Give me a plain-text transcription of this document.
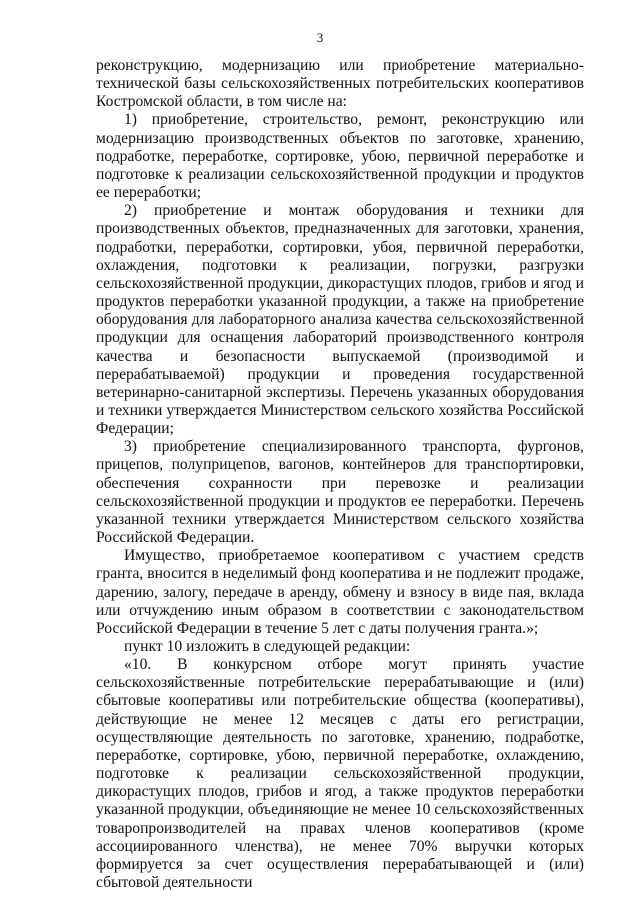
3

реконструкцию, модернизацию или приобретение материально-технической базы сельскохозяйственных потребительских кооперативов Костромской области, в том числе на:

1) приобретение, строительство, ремонт, реконструкцию или модернизацию производственных объектов по заготовке, хранению, подработке, переработке, сортировке, убою, первичной переработке и подготовке к реализации сельскохозяйственной продукции и продуктов ее переработки;

2) приобретение и монтаж оборудования и техники для производственных объектов, предназначенных для заготовки, хранения, подработки, переработки, сортировки, убоя, первичной переработки, охлаждения, подготовки к реализации, погрузки, разгрузки сельскохозяйственной продукции, дикорастущих плодов, грибов и ягод и продуктов переработки указанной продукции, а также на приобретение оборудования для лабораторного анализа качества сельскохозяйственной продукции для оснащения лабораторий производственного контроля качества и безопасности выпускаемой (производимой и перерабатываемой) продукции и проведения государственной ветеринарно-санитарной экспертизы. Перечень указанных оборудования и техники утверждается Министерством сельского хозяйства Российской Федерации;

3) приобретение специализированного транспорта, фургонов, прицепов, полуприцепов, вагонов, контейнеров для транспортировки, обеспечения сохранности при перевозке и реализации сельскохозяйственной продукции и продуктов ее переработки. Перечень указанной техники утверждается Министерством сельского хозяйства Российской Федерации.

Имущество, приобретаемое кооперативом с участием средств гранта, вносится в неделимый фонд кооператива и не подлежит продаже, дарению, залогу, передаче в аренду, обмену и взносу в виде пая, вклада или отчуждению иным образом в соответствии с законодательством Российской Федерации в течение 5 лет с даты получения гранта.»;

пункт 10 изложить в следующей редакции:

«10. В конкурсном отборе могут принять участие сельскохозяйственные потребительские перерабатывающие и (или) сбытовые кооперативы или потребительские общества (кооперативы), действующие не менее 12 месяцев с даты его регистрации, осуществляющие деятельность по заготовке, хранению, подработке, переработке, сортировке, убою, первичной переработке, охлаждению, подготовке к реализации сельскохозяйственной продукции, дикорастущих плодов, грибов и ягод, а также продуктов переработки указанной продукции, объединяющие не менее 10 сельскохозяйственных товаропроизводителей на правах членов кооперативов (кроме ассоциированного членства), не менее 70% выручки которых формируется за счет осуществления перерабатывающей и (или) сбытовой деятельности
